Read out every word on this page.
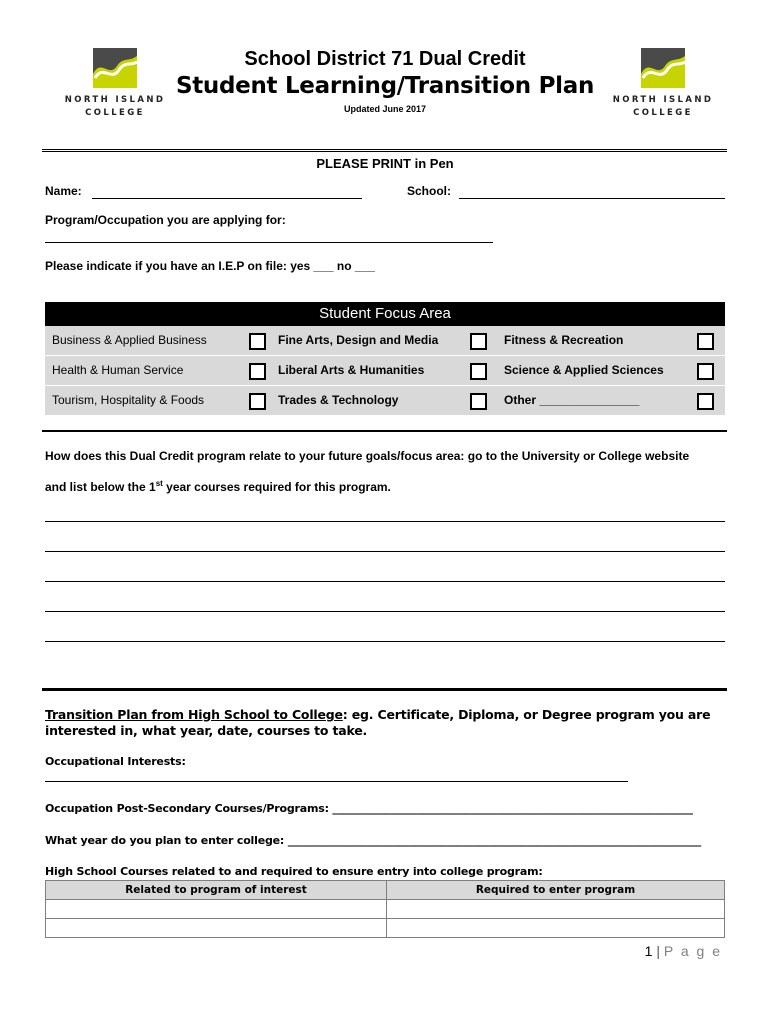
NORTH ISLAND
COLLEGE
NORTH ISLAND
COLLEGE
School District 71 Dual Credit
Student Learning/Transition Plan
Updated June 2017
PLEASE PRINT in Pen
Name:	School:
Program/Occupation you are applying for:
Please indicate if you have an I.E.P on file: yes ___ no ___
Student Focus Area
Business & Applied Business	Fine Arts, Design and Media	Fitness & Recreation
Health & Human Service	Liberal Arts & Humanities	Science & Applied Sciences
Tourism, Hospitality & Foods	Trades & Technology	Other _______________
How does this Dual Credit program relate to your future goals/focus area: go to the University or College website
and list below the 1st year courses required for this program.
Transition Plan from High School to College: eg. Certificate, Diploma, or Degree program you are
interested in, what year, date, courses to take.
Occupational Interests:
Occupation Post-Secondary Courses/Programs: ____________________________________________________________________
What year do you plan to enter college: ______________________________________________________________________________
High School Courses related to and required to ensure entry into college program:
Related to program of interest	Required to enter program

1 | P a g e
